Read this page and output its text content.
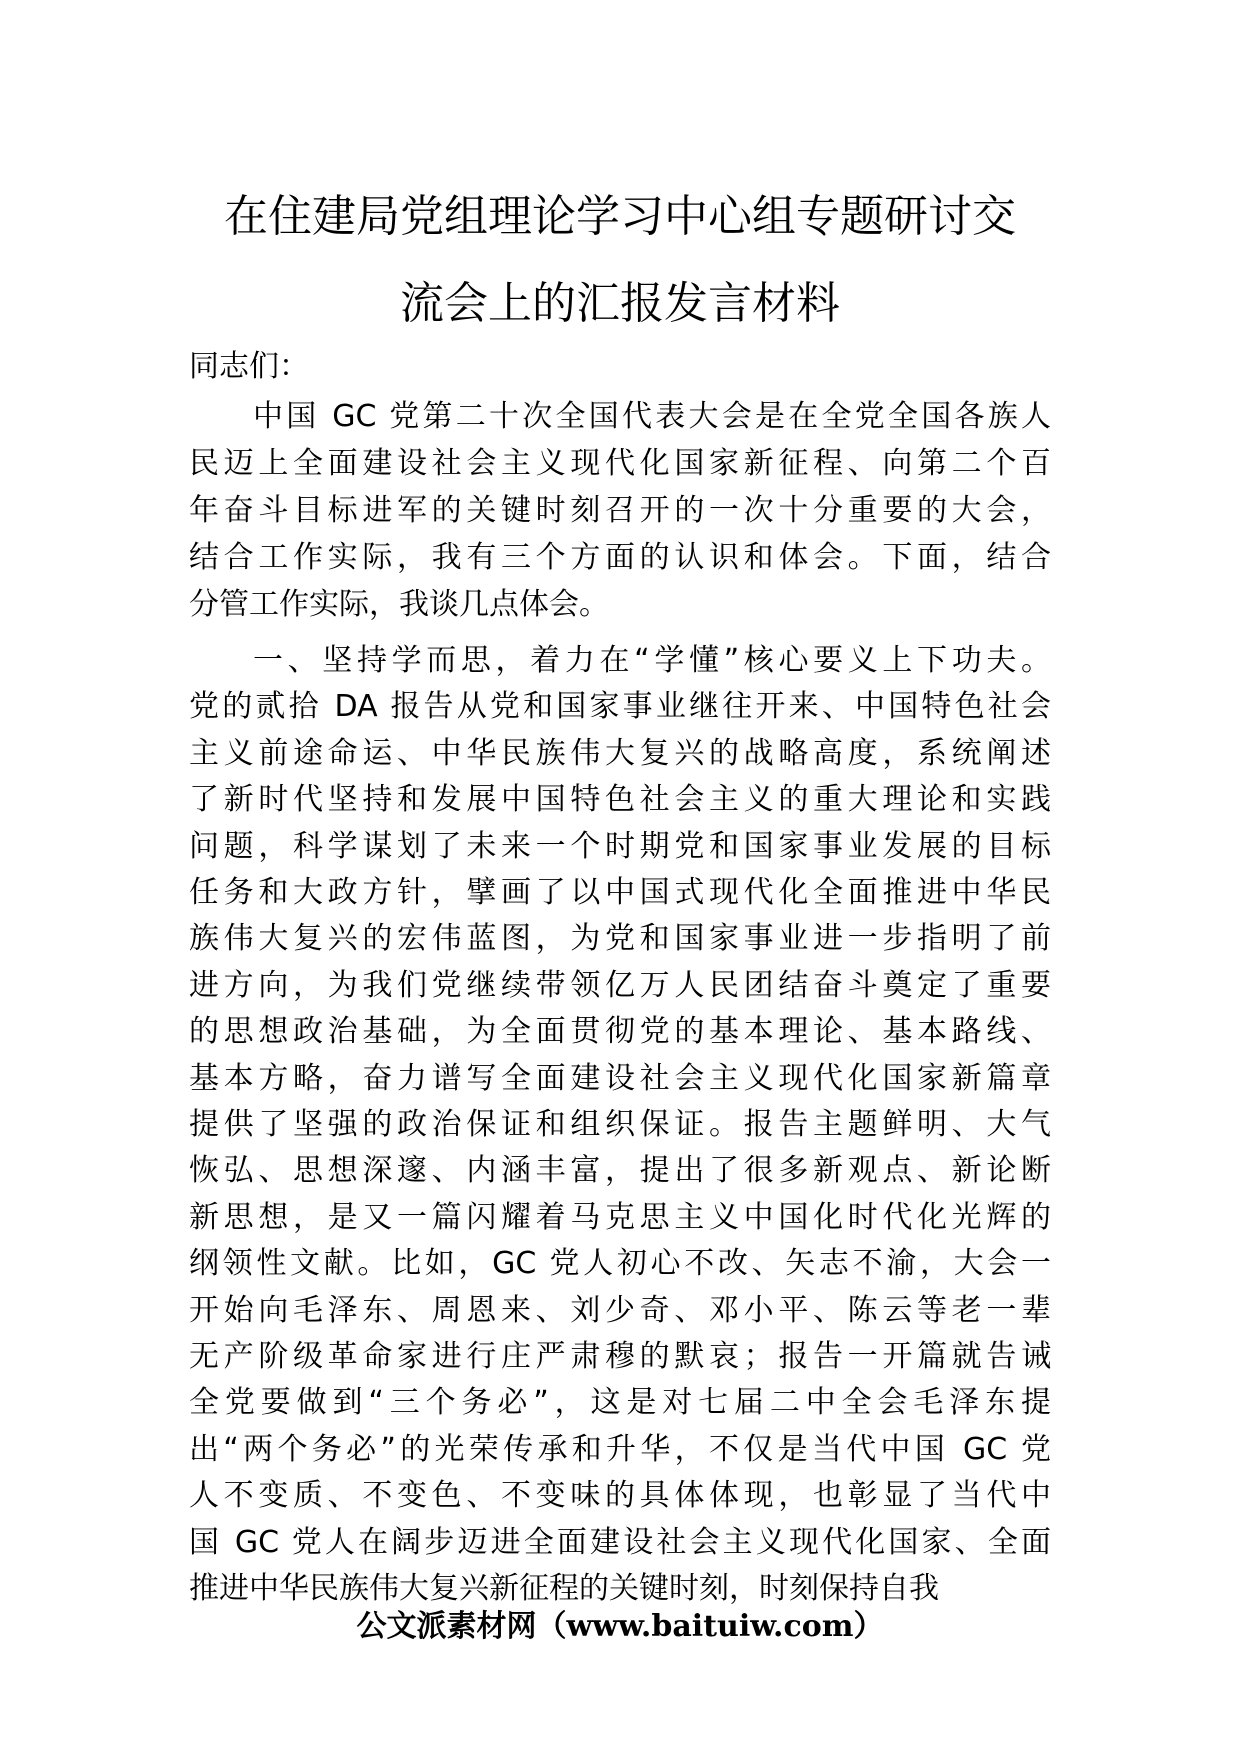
在住建局党组理论学习中心组专题研讨交
流会上的汇报发言材料
同志们：
中国 GC 党第二十次全国代表大会是在全党全国各族人
民迈上全面建设社会主义现代化国家新征程、向第二个百
年奋斗目标进军的关键时刻召开的一次十分重要的大会，
结合工作实际，我有三个方面的认识和体会。下面，结合
分管工作实际，我谈几点体会。
一、坚持学而思，着力在“学懂”核心要义上下功夫。
党的贰拾 DA 报告从党和国家事业继往开来、中国特色社会
主义前途命运、中华民族伟大复兴的战略高度，系统阐述
了新时代坚持和发展中国特色社会主义的重大理论和实践
问题，科学谋划了未来一个时期党和国家事业发展的目标
任务和大政方针，擘画了以中国式现代化全面推进中华民
族伟大复兴的宏伟蓝图，为党和国家事业进一步指明了前
进方向，为我们党继续带领亿万人民团结奋斗奠定了重要
的思想政治基础，为全面贯彻党的基本理论、基本路线、
基本方略，奋力谱写全面建设社会主义现代化国家新篇章
提供了坚强的政治保证和组织保证。报告主题鲜明、大气
恢弘、思想深邃、内涵丰富，提出了很多新观点、新论断
新思想，是又一篇闪耀着马克思主义中国化时代化光辉的
纲领性文献。比如，GC 党人初心不改、矢志不渝，大会一
开始向毛泽东、周恩来、刘少奇、邓小平、陈云等老一辈
无产阶级革命家进行庄严肃穆的默哀；报告一开篇就告诫
全党要做到“三个务必”，这是对七届二中全会毛泽东提
出“两个务必”的光荣传承和升华，不仅是当代中国 GC 党
人不变质、不变色、不变味的具体体现，也彰显了当代中
国 GC 党人在阔步迈进全面建设社会主义现代化国家、全面
推进中华民族伟大复兴新征程的关键时刻，时刻保持自我
公文派素材网（www.baituiw.com）
